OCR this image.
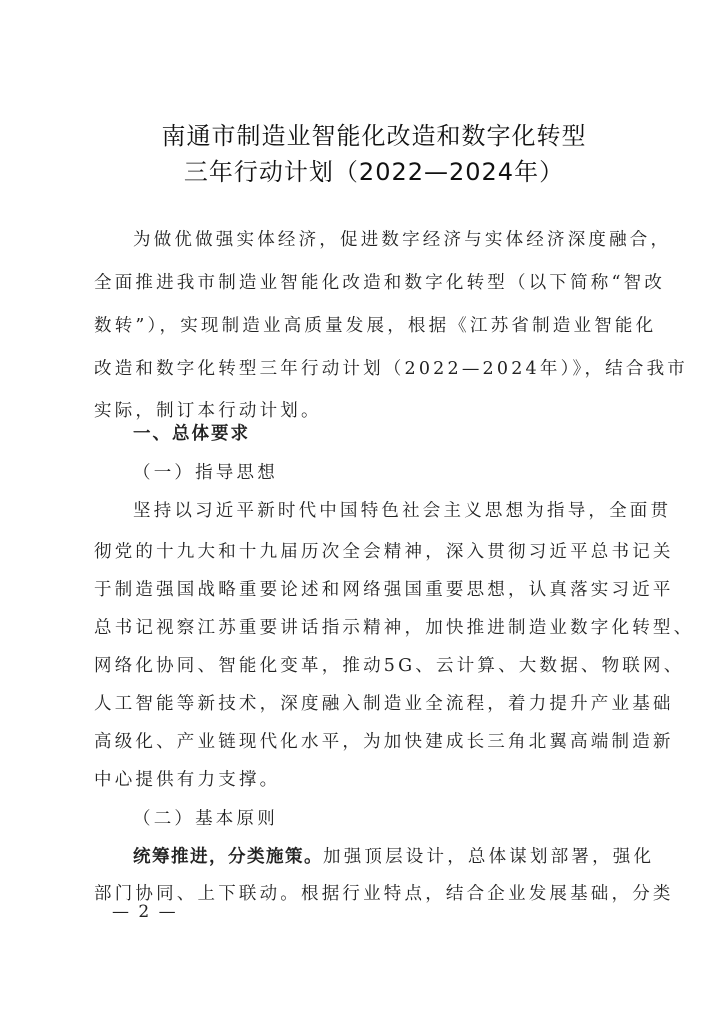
南通市制造业智能化改造和数字化转型
三年行动计划（2022—2024年）
为做优做强实体经济，促进数字经济与实体经济深度融合，
全面推进我市制造业智能化改造和数字化转型（以下简称“智改
数转”），实现制造业高质量发展，根据《江苏省制造业智能化
改造和数字化转型三年行动计划（2022—2024年）》，结合我市
实际，制订本行动计划。
一、总体要求
（一）指导思想
坚持以习近平新时代中国特色社会主义思想为指导，全面贯
彻党的十九大和十九届历次全会精神，深入贯彻习近平总书记关
于制造强国战略重要论述和网络强国重要思想，认真落实习近平
总书记视察江苏重要讲话指示精神，加快推进制造业数字化转型、
网络化协同、智能化变革，推动5G、云计算、大数据、物联网、
人工智能等新技术，深度融入制造业全流程，着力提升产业基础
高级化、产业链现代化水平，为加快建成长三角北翼高端制造新
中心提供有力支撑。
（二）基本原则
统筹推进，分类施策。加强顶层设计，总体谋划部署，强化
部门协同、上下联动。根据行业特点，结合企业发展基础，分类
— 2 —
